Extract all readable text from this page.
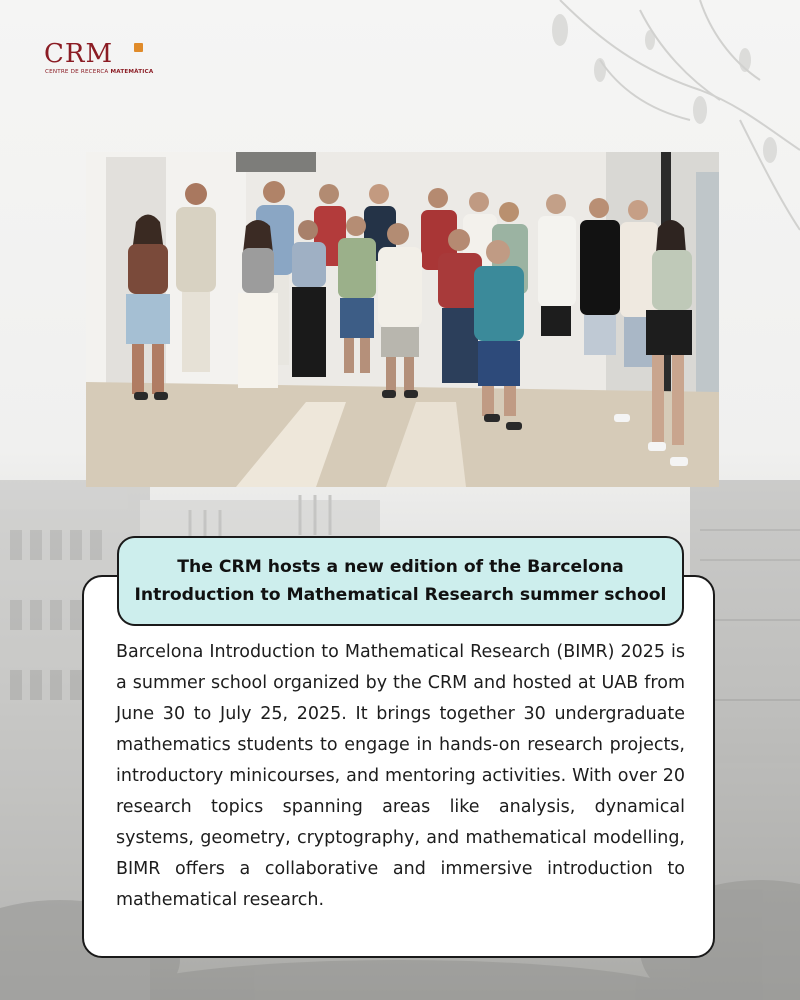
CRM
CENTRE DE RECERCA MATEMÀTICA
The CRM hosts a new edition of the Barcelona Introduction to Mathematical Research summer school
Barcelona Introduction to Mathematical Research (BIMR) 2025 is a summer school organized by the CRM and hosted at UAB from June 30 to July 25, 2025. It brings together 30 undergraduate mathematics students to engage in hands-on research projects, introductory minicourses, and mentoring activities. With over 20 research topics spanning areas like analysis, dynamical systems, geometry, cryptography, and mathematical modelling, BIMR offers a collaborative and immersive introduction to mathematical research.
